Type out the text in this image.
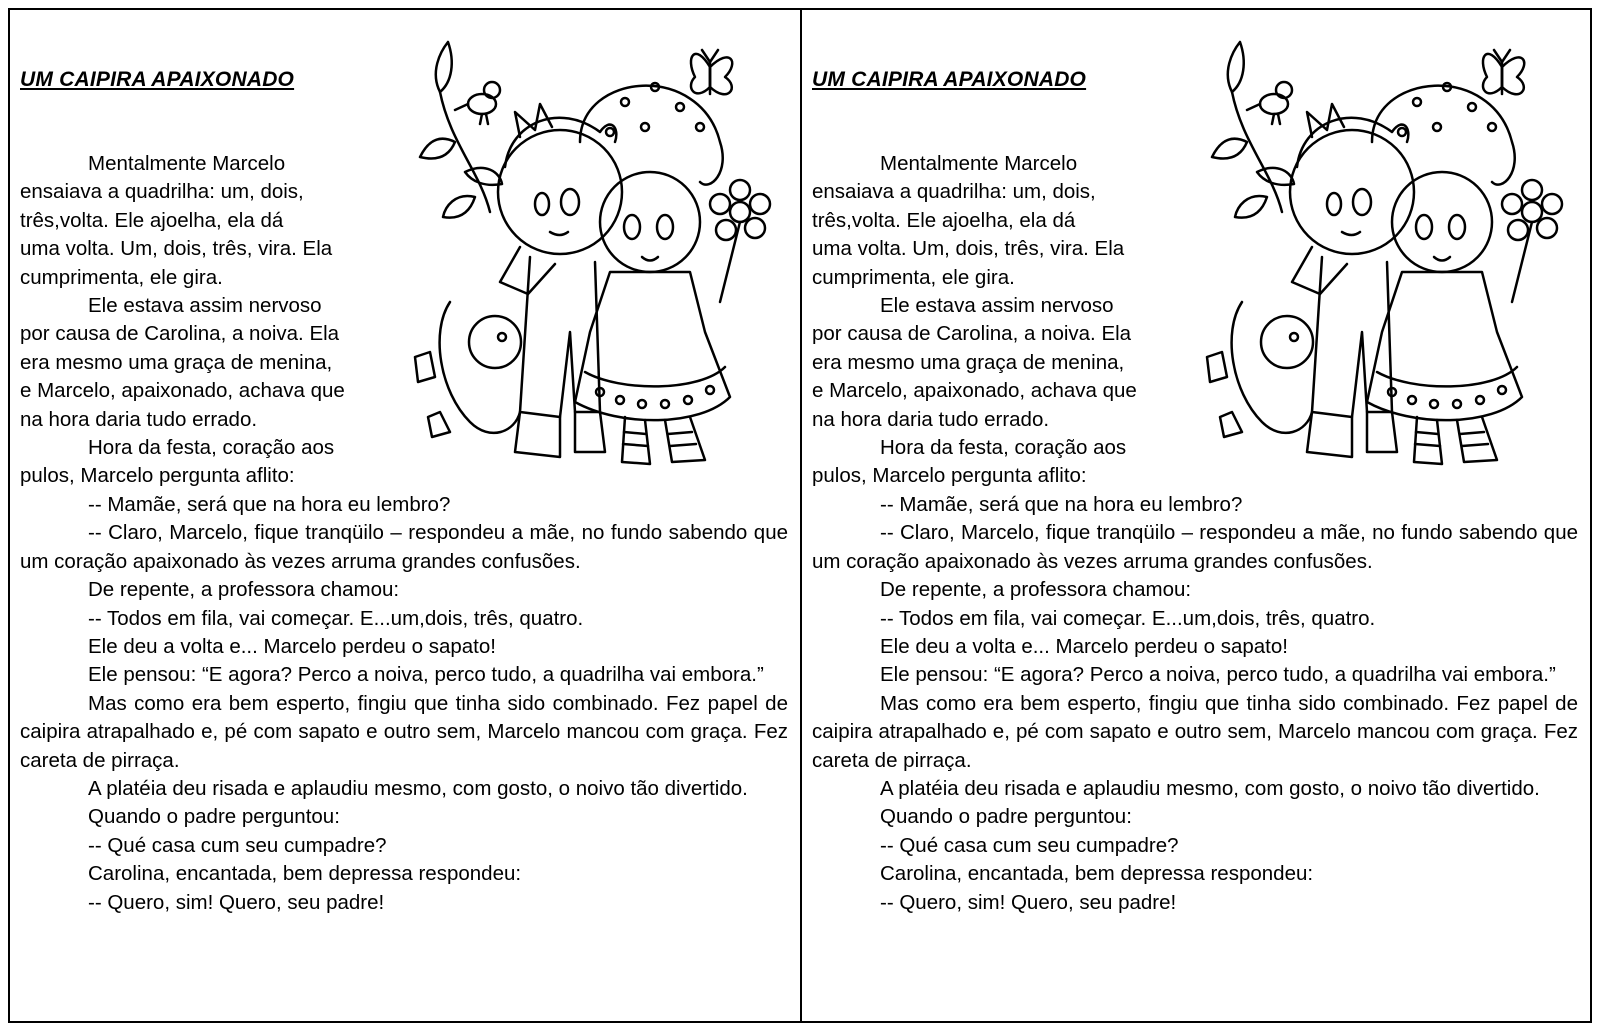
UM CAIPIRA APAIXONADO

Mentalmente Marcelo

ensaiava a quadrilha: um, dois,
três,volta. Ele ajoelha, ela dá
uma volta. Um, dois, três, vira. Ela
cumprimenta, ele gira.

Ele estava assim nervoso

por causa de Carolina, a noiva. Ela
era mesmo uma graça de menina,
e Marcelo, apaixonado, achava que
na hora daria tudo errado.

Hora da festa, coração aos

pulos, Marcelo pergunta aflito:

-- Mamãe, será que na hora eu lembro?

-- Claro, Marcelo, fique tranqüilo – respondeu a mãe, no fundo sabendo que um coração apaixonado às vezes arruma grandes confusões.

De repente, a professora chamou:

-- Todos em fila, vai começar. E...um,dois, três, quatro.

Ele deu a volta e... Marcelo perdeu o sapato!

Ele pensou: “E agora? Perco a noiva, perco tudo, a quadrilha vai embora.”

Mas como era bem esperto, fingiu que tinha sido combinado. Fez papel de caipira atrapalhado e, pé com sapato e outro sem, Marcelo mancou com graça. Fez careta de pirraça.

A platéia deu risada e aplaudiu mesmo, com gosto, o noivo tão divertido.

Quando o padre perguntou:

-- Qué casa cum seu cumpadre?

Carolina, encantada, bem depressa respondeu:

-- Quero, sim! Quero, seu padre!

UM CAIPIRA APAIXONADO

Mentalmente Marcelo

ensaiava a quadrilha: um, dois,
três,volta. Ele ajoelha, ela dá
uma volta. Um, dois, três, vira. Ela
cumprimenta, ele gira.

Ele estava assim nervoso

por causa de Carolina, a noiva. Ela
era mesmo uma graça de menina,
e Marcelo, apaixonado, achava que
na hora daria tudo errado.

Hora da festa, coração aos

pulos, Marcelo pergunta aflito:

-- Mamãe, será que na hora eu lembro?

-- Claro, Marcelo, fique tranqüilo – respondeu a mãe, no fundo sabendo que um coração apaixonado às vezes arruma grandes confusões.

De repente, a professora chamou:

-- Todos em fila, vai começar. E...um,dois, três, quatro.

Ele deu a volta e... Marcelo perdeu o sapato!

Ele pensou: “E agora? Perco a noiva, perco tudo, a quadrilha vai embora.”

Mas como era bem esperto, fingiu que tinha sido combinado. Fez papel de caipira atrapalhado e, pé com sapato e outro sem, Marcelo mancou com graça. Fez careta de pirraça.

A platéia deu risada e aplaudiu mesmo, com gosto, o noivo tão divertido.

Quando o padre perguntou:

-- Qué casa cum seu cumpadre?

Carolina, encantada, bem depressa respondeu:

-- Quero, sim! Quero, seu padre!
